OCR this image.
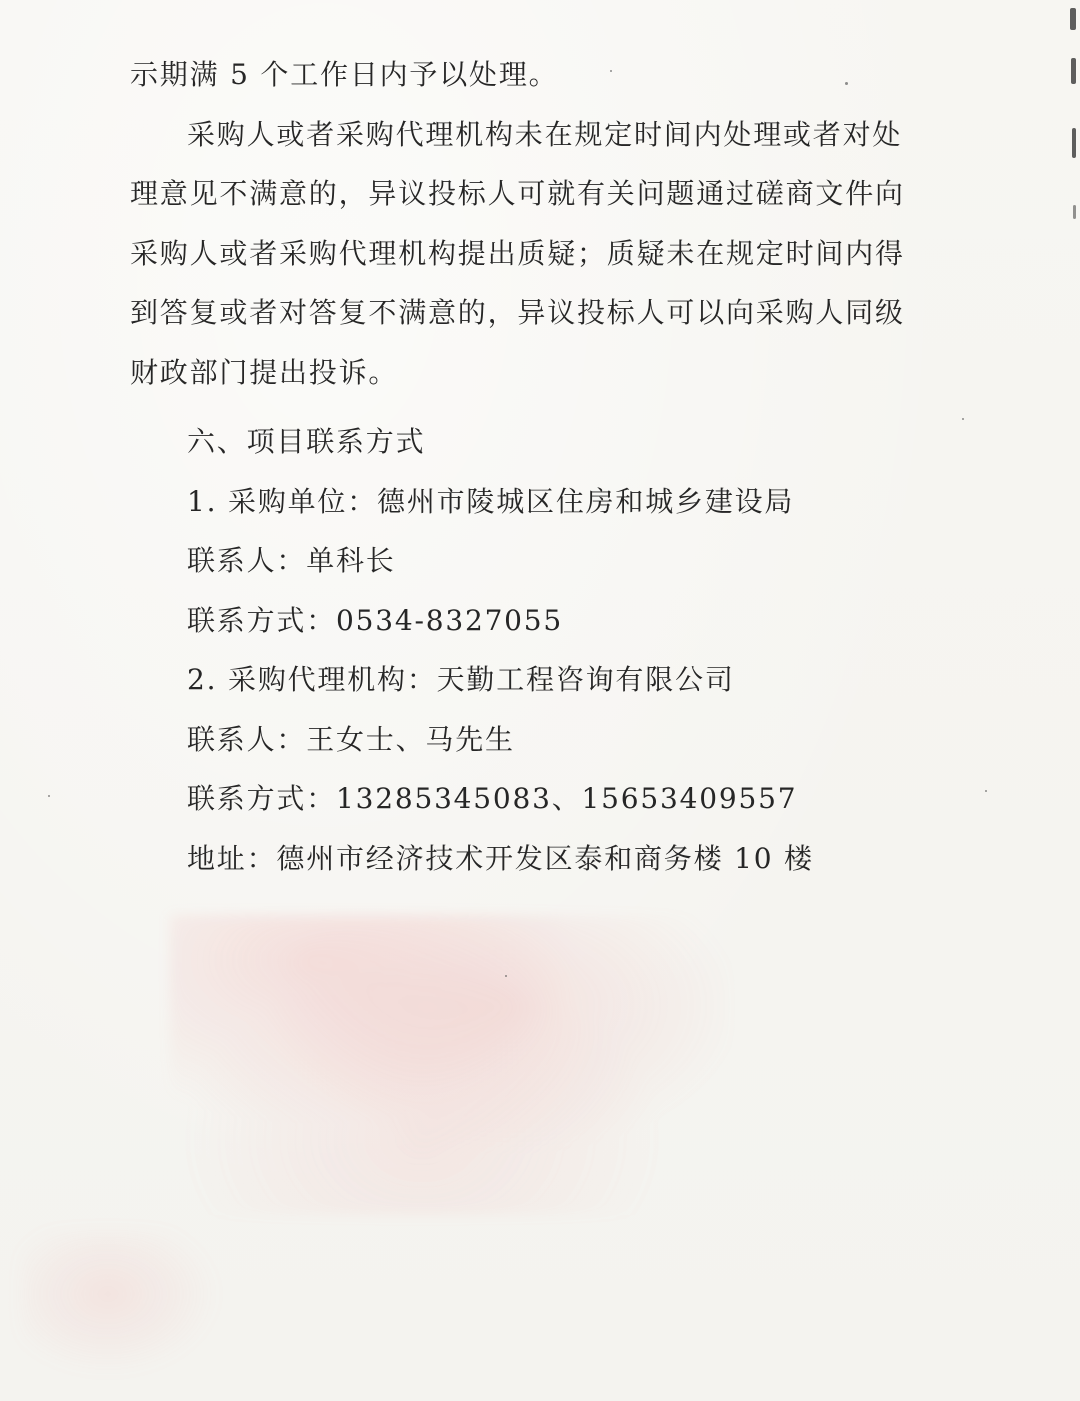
示期满 5 个工作日内予以处理。
采购人或者采购代理机构未在规定时间内处理或者对处
理意见不满意的，异议投标人可就有关问题通过磋商文件向
采购人或者采购代理机构提出质疑；质疑未在规定时间内得
到答复或者对答复不满意的，异议投标人可以向采购人同级
财政部门提出投诉。
六、项目联系方式
1. 采购单位：德州市陵城区住房和城乡建设局
联系人：单科长
联系方式：0534-8327055
2. 采购代理机构：天勤工程咨询有限公司
联系人：王女士、马先生
联系方式：13285345083、15653409557
地址：德州市经济技术开发区泰和商务楼 10 楼
